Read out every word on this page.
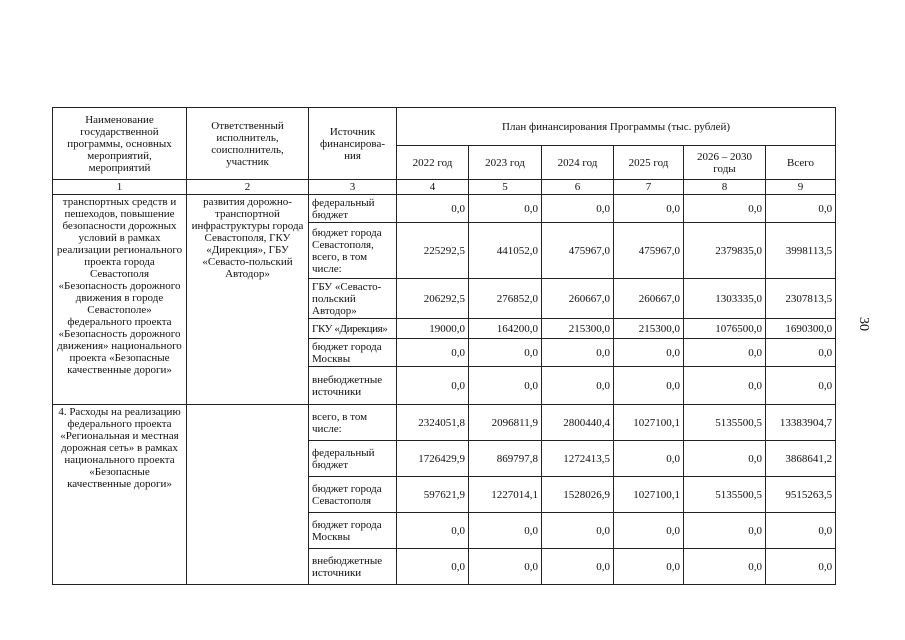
30
Наименование государственной программы, основных мероприятий, мероприятий	Ответственный исполнитель, соисполнитель, участник	Источник финансирова-ния	План финансирования Программы (тыс. рублей)					
			2022 год	2023 год	2024 год	2025 год	2026 – 2030 годы	Всего
1	2	3	4	5	6	7	8	9
транспортных средств и пешеходов, повышение безопасности дорожных условий в рамках реализации регионального проекта города Севастополя «Безопасность дорожного движения в городе Севастополе» федерального проекта «Безопасность дорожного движения» национального проекта «Безопасные качественные дороги»	развития дорожно-транспортной инфраструктуры города Севастополя, ГКУ «Дирекция», ГБУ «Севасто-польский Автодор»	федеральный бюджет	0,0	0,0	0,0	0,0	0,0	0,0
		бюджет города Севастополя, всего, в том числе:	225292,5	441052,0	475967,0	475967,0	2379835,0	3998113,5
		ГБУ «Севасто-польский Автодор»	206292,5	276852,0	260667,0	260667,0	1303335,0	2307813,5
		ГКУ «Дирекция»	19000,0	164200,0	215300,0	215300,0	1076500,0	1690300,0
		бюджет города Москвы	0,0	0,0	0,0	0,0	0,0	0,0
		внебюджетные источники	0,0	0,0	0,0	0,0	0,0	0,0
4. Расходы на реализацию федерального проекта «Региональная и местная дорожная сеть» в рамках национального проекта «Безопасные качественные дороги»		всего, в том числе:	2324051,8	2096811,9	2800440,4	1027100,1	5135500,5	13383904,7
		федеральный бюджет	1726429,9	869797,8	1272413,5	0,0	0,0	3868641,2
		бюджет города Севастополя	597621,9	1227014,1	1528026,9	1027100,1	5135500,5	9515263,5
		бюджет города Москвы	0,0	0,0	0,0	0,0	0,0	0,0
		внебюджетные источники	0,0	0,0	0,0	0,0	0,0	0,0
